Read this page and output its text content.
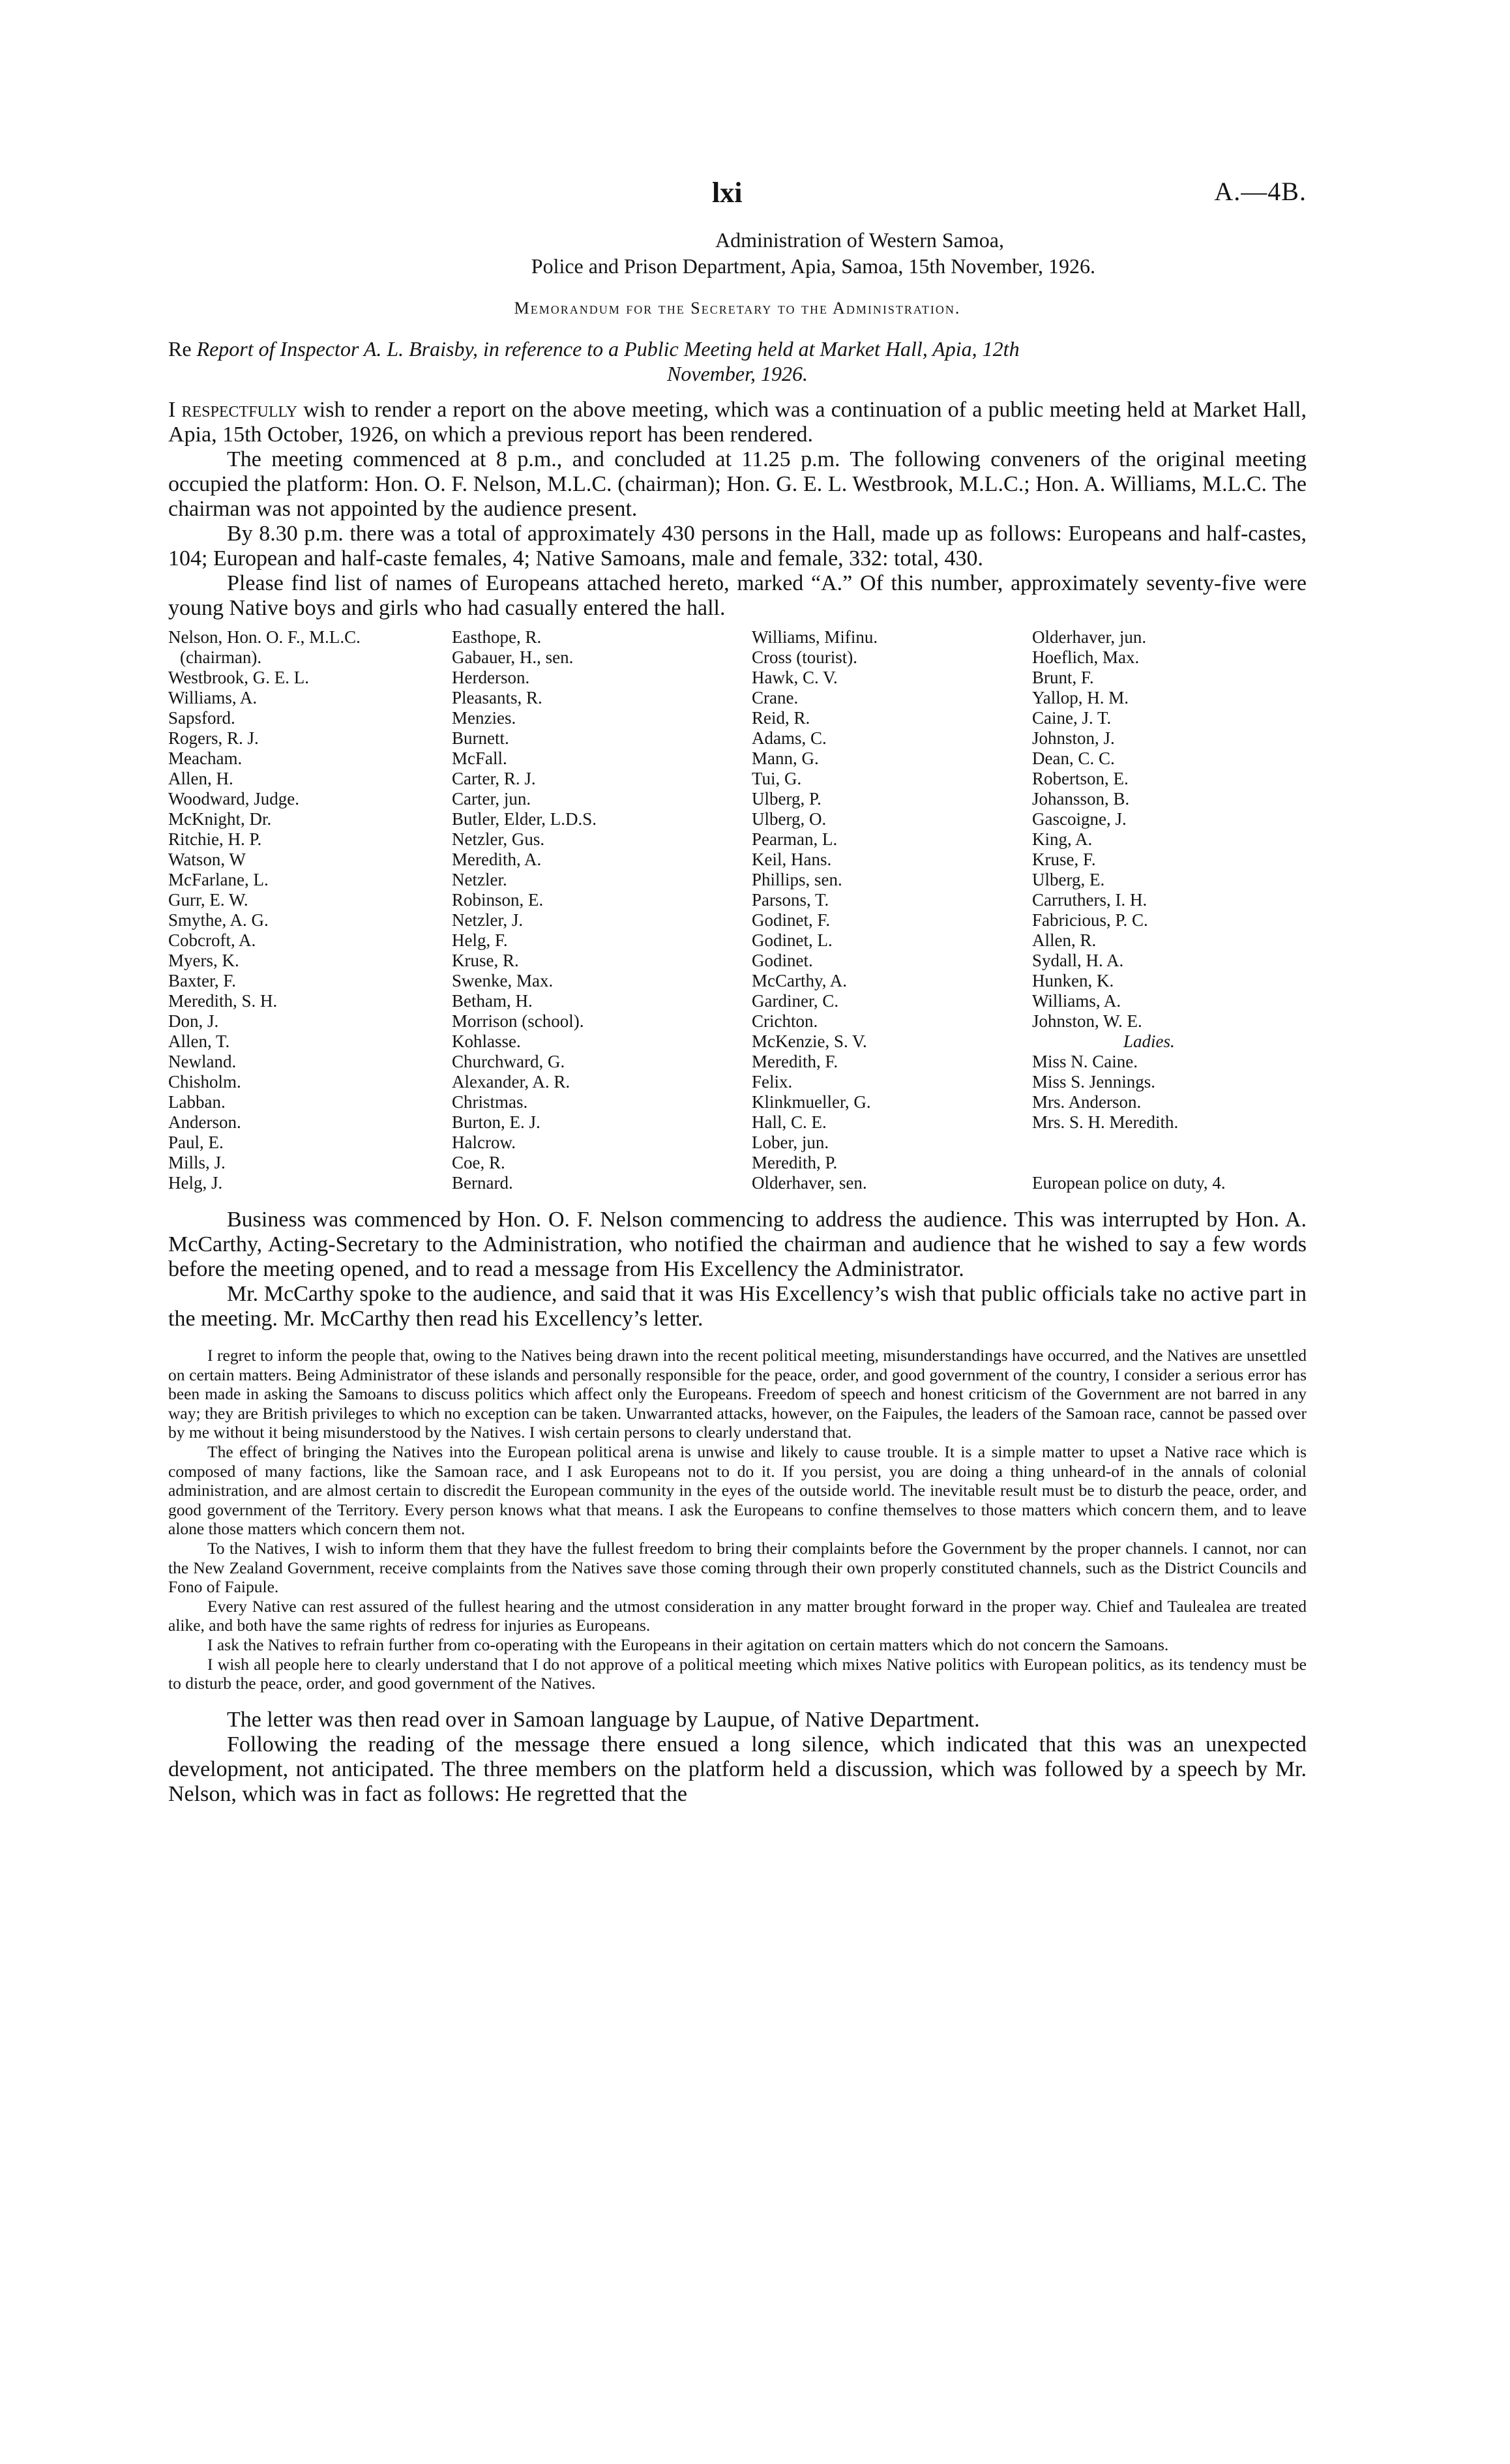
lxi	A.—4B.
Administration of Western Samoa,
Police and Prison Department, Apia, Samoa, 15th November, 1926.
Memorandum for the Secretary to the Administration.
Re Report of Inspector A. L. Braisby, in reference to a Public Meeting held at Market Hall, Apia, 12th
November, 1926.

I respectfully wish to render a report on the above meeting, which was a continuation of a public meeting held at Market Hall, Apia, 15th October, 1926, on which a previous report has been rendered.

The meeting commenced at 8 p.m., and concluded at 11.25 p.m. The following conveners of the original meeting occupied the platform: Hon. O. F. Nelson, M.L.C. (chairman); Hon. G. E. L. Westbrook, M.L.C.; Hon. A. Williams, M.L.C. The chairman was not appointed by the audience present.

By 8.30 p.m. there was a total of approximately 430 persons in the Hall, made up as follows: Europeans and half-castes, 104; European and half-caste females, 4; Native Samoans, male and female, 332: total, 430.

Please find list of names of Europeans attached hereto, marked “A.” Of this number, approximately seventy-five were young Native boys and girls who had casually entered the hall.

Nelson, Hon. O. F., M.L.C.
(chairman).
Westbrook, G. E. L.
Williams, A.
Sapsford.
Rogers, R. J.
Meacham.
Allen, H.
Woodward, Judge.
McKnight, Dr.
Ritchie, H. P.
Watson, W
McFarlane, L.
Gurr, E. W.
Smythe, A. G.
Cobcroft, A.
Myers, K.
Baxter, F.
Meredith, S. H.
Don, J.
Allen, T.
Newland.
Chisholm.
Labban.
Anderson.
Paul, E.
Mills, J.
Helg, J.
Easthope, R.
Gabauer, H., sen.
Herderson.
Pleasants, R.
Menzies.
Burnett.
McFall.
Carter, R. J.
Carter, jun.
Butler, Elder, L.D.S.
Netzler, Gus.
Meredith, A.
Netzler.
Robinson, E.
Netzler, J.
Helg, F.
Kruse, R.
Swenke, Max.
Betham, H.
Morrison (school).
Kohlasse.
Churchward, G.
Alexander, A. R.
Christmas.
Burton, E. J.
Halcrow.
Coe, R.
Bernard.
Williams, Mifinu.
Cross (tourist).
Hawk, C. V.
Crane.
Reid, R.
Adams, C.
Mann, G.
Tui, G.
Ulberg, P.
Ulberg, O.
Pearman, L.
Keil, Hans.
Phillips, sen.
Parsons, T.
Godinet, F.
Godinet, L.
Godinet.
McCarthy, A.
Gardiner, C.
Crichton.
McKenzie, S. V.
Meredith, F.
Felix.
Klinkmueller, G.
Hall, C. E.
Lober, jun.
Meredith, P.
Olderhaver, sen.
Olderhaver, jun.
Hoeflich, Max.
Brunt, F.
Yallop, H. M.
Caine, J. T.
Johnston, J.
Dean, C. C.
Robertson, E.
Johansson, B.
Gascoigne, J.
King, A.
Kruse, F.
Ulberg, E.
Carruthers, I. H.
Fabricious, P. C.
Allen, R.
Sydall, H. A.
Hunken, K.
Williams, A.
Johnston, W. E.
Ladies.
Miss N. Caine.
Miss S. Jennings.
Mrs. Anderson.
Mrs. S. H. Meredith.

European police on duty, 4.

Business was commenced by Hon. O. F. Nelson commencing to address the audience. This was interrupted by Hon. A. McCarthy, Acting-Secretary to the Administration, who notified the chairman and audience that he wished to say a few words before the meeting opened, and to read a message from His Excellency the Administrator.

Mr. McCarthy spoke to the audience, and said that it was His Excellency’s wish that public officials take no active part in the meeting. Mr. McCarthy then read his Excellency’s letter.

I regret to inform the people that, owing to the Natives being drawn into the recent political meeting, misunderstandings have occurred, and the Natives are unsettled on certain matters. Being Administrator of these islands and personally responsible for the peace, order, and good government of the country, I consider a serious error has been made in asking the Samoans to discuss politics which affect only the Europeans. Freedom of speech and honest criticism of the Government are not barred in any way; they are British privileges to which no exception can be taken. Unwarranted attacks, however, on the Faipules, the leaders of the Samoan race, cannot be passed over by me without it being misunderstood by the Natives. I wish certain persons to clearly understand that.

The effect of bringing the Natives into the European political arena is unwise and likely to cause trouble. It is a simple matter to upset a Native race which is composed of many factions, like the Samoan race, and I ask Europeans not to do it. If you persist, you are doing a thing unheard-of in the annals of colonial administration, and are almost certain to discredit the European community in the eyes of the outside world. The inevitable result must be to disturb the peace, order, and good government of the Territory. Every person knows what that means. I ask the Europeans to confine themselves to those matters which concern them, and to leave alone those matters which concern them not.

To the Natives, I wish to inform them that they have the fullest freedom to bring their complaints before the Government by the proper channels. I cannot, nor can the New Zealand Government, receive complaints from the Natives save those coming through their own properly constituted channels, such as the District Councils and Fono of Faipule.

Every Native can rest assured of the fullest hearing and the utmost consideration in any matter brought forward in the proper way. Chief and Taulealea are treated alike, and both have the same rights of redress for injuries as Europeans.

I ask the Natives to refrain further from co-operating with the Europeans in their agitation on certain matters which do not concern the Samoans.

I wish all people here to clearly understand that I do not approve of a political meeting which mixes Native politics with European politics, as its tendency must be to disturb the peace, order, and good government of the Natives.

The letter was then read over in Samoan language by Laupue, of Native Department.

Following the reading of the message there ensued a long silence, which indicated that this was an unexpected development, not anticipated. The three members on the platform held a discussion, which was followed by a speech by Mr. Nelson, which was in fact as follows: He regretted that the
